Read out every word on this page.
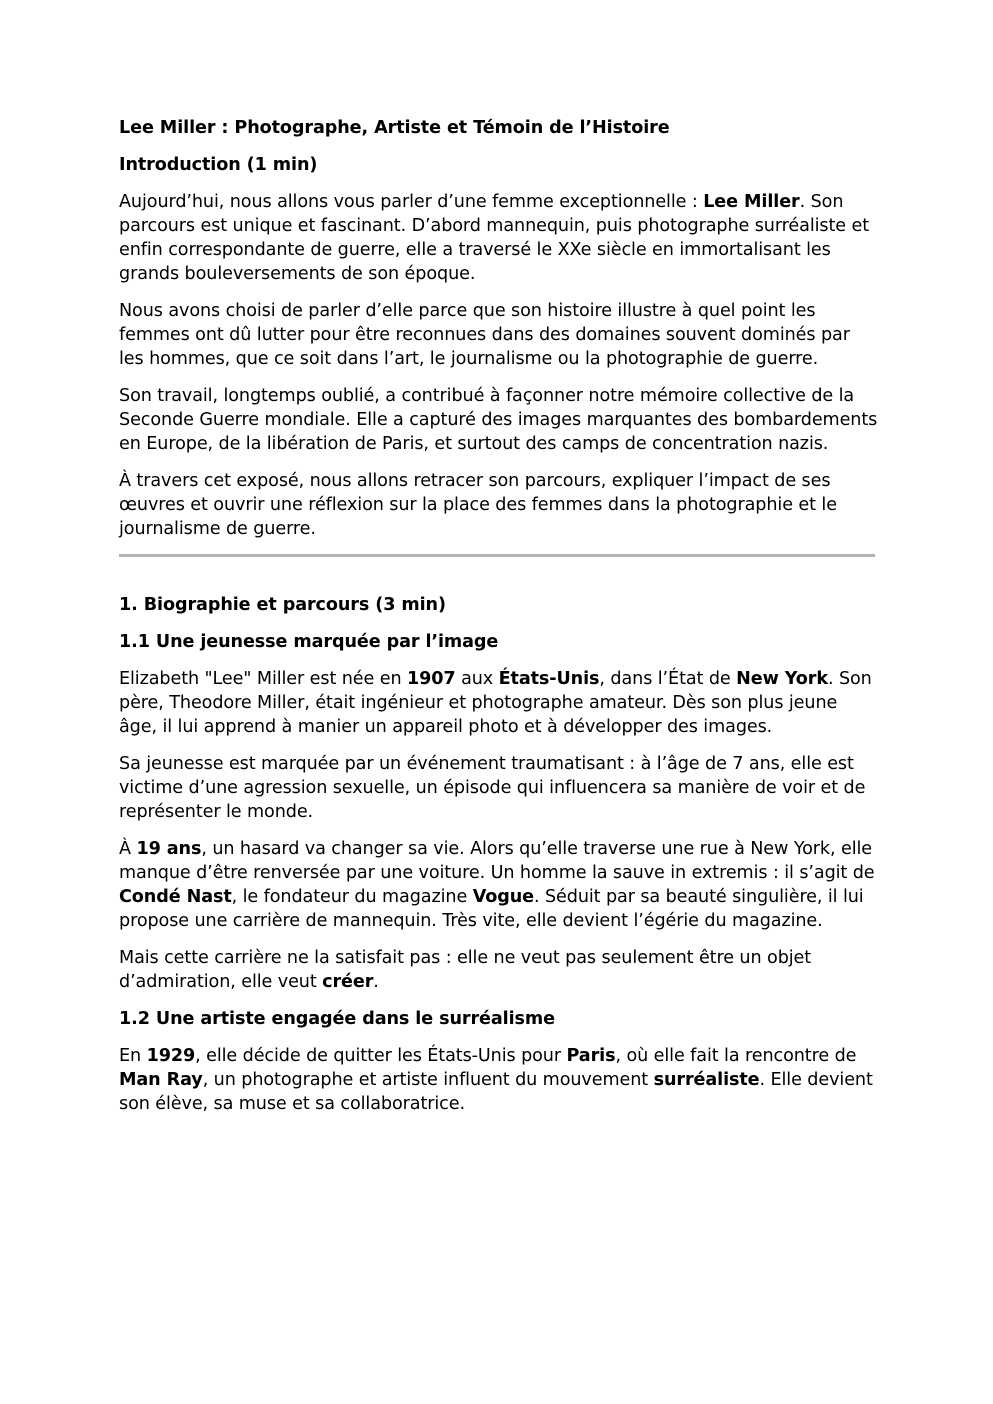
Lee Miller : Photographe, Artiste et Témoin de l’Histoire

Introduction (1 min)

Aujourd’hui, nous allons vous parler d’une femme exceptionnelle : Lee Miller. Son parcours est unique et fascinant. D’abord mannequin, puis photographe surréaliste et enfin correspondante de guerre, elle a traversé le XXe siècle en immortalisant les grands bouleversements de son époque.

Nous avons choisi de parler d’elle parce que son histoire illustre à quel point les femmes ont dû lutter pour être reconnues dans des domaines souvent dominés par les hommes, que ce soit dans l’art, le journalisme ou la photographie de guerre.

Son travail, longtemps oublié, a contribué à façonner notre mémoire collective de la Seconde Guerre mondiale. Elle a capturé des images marquantes des bombardements en Europe, de la libération de Paris, et surtout des camps de concentration nazis.

À travers cet exposé, nous allons retracer son parcours, expliquer l’impact de ses œuvres et ouvrir une réflexion sur la place des femmes dans la photographie et le journalisme de guerre.

1. Biographie et parcours (3 min)

1.1 Une jeunesse marquée par l’image

Elizabeth "Lee" Miller est née en 1907 aux États-Unis, dans l’État de New York. Son père, Theodore Miller, était ingénieur et photographe amateur. Dès son plus jeune âge, il lui apprend à manier un appareil photo et à développer des images.

Sa jeunesse est marquée par un événement traumatisant : à l’âge de 7 ans, elle est victime d’une agression sexuelle, un épisode qui influencera sa manière de voir et de représenter le monde.

À 19 ans, un hasard va changer sa vie. Alors qu’elle traverse une rue à New York, elle manque d’être renversée par une voiture. Un homme la sauve in extremis : il s’agit de Condé Nast, le fondateur du magazine Vogue. Séduit par sa beauté singulière, il lui propose une carrière de mannequin. Très vite, elle devient l’égérie du magazine.

Mais cette carrière ne la satisfait pas : elle ne veut pas seulement être un objet d’admiration, elle veut créer.

1.2 Une artiste engagée dans le surréalisme

En 1929, elle décide de quitter les États-Unis pour Paris, où elle fait la rencontre de Man Ray, un photographe et artiste influent du mouvement surréaliste. Elle devient son élève, sa muse et sa collaboratrice.
